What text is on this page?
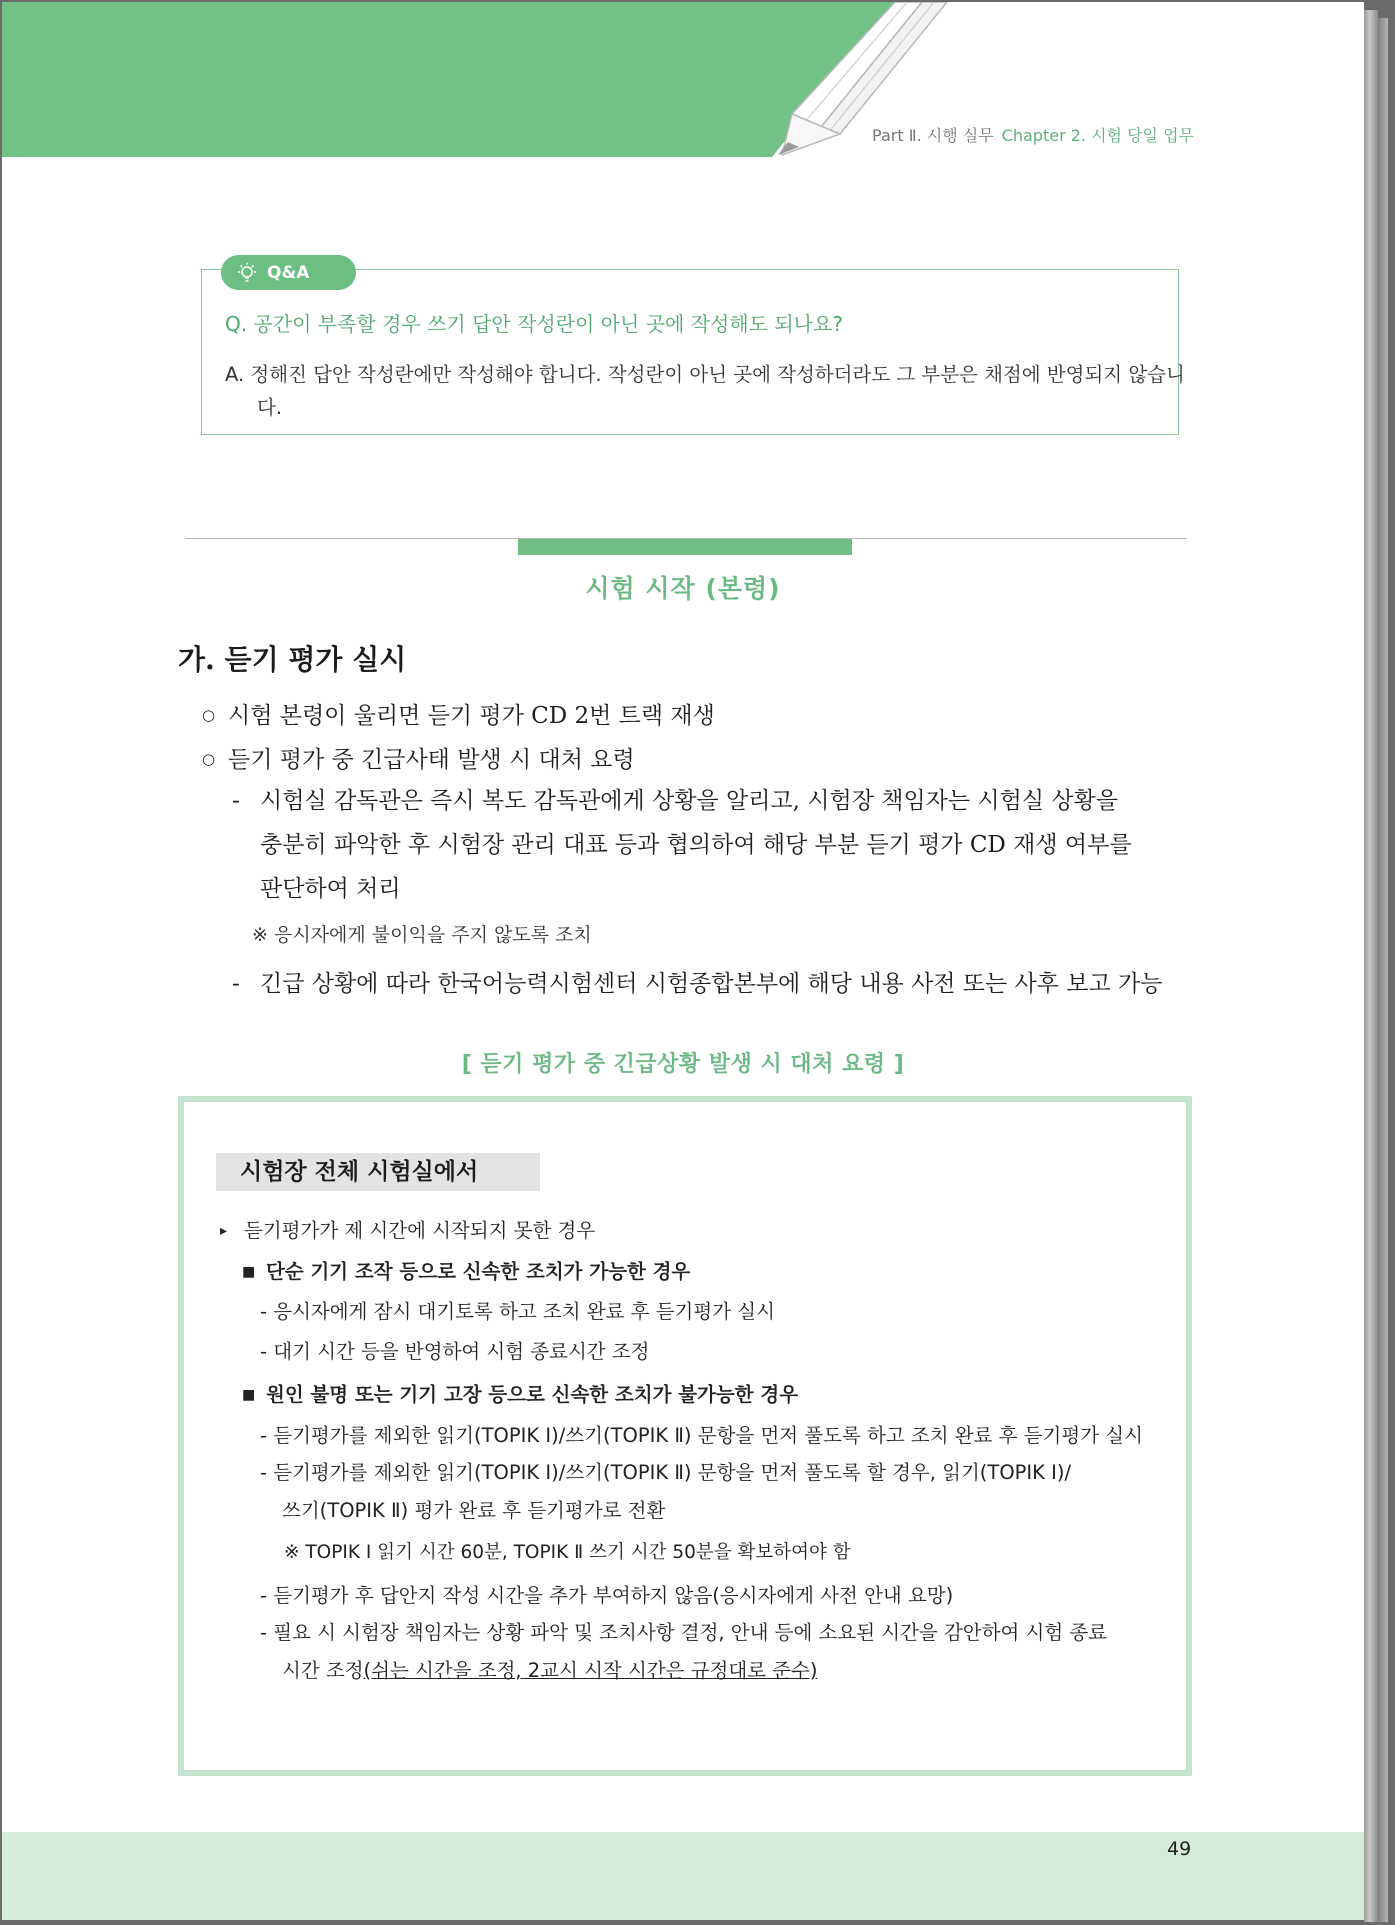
Part Ⅱ. 시행 실무 Chapter 2. 시험 당일 업무
Q&A
Q. 공간이 부족할 경우 쓰기 답안 작성란이 아닌 곳에 작성해도 되나요?
A. 정해진 답안 작성란에만 작성해야 합니다. 작성란이 아닌 곳에 작성하더라도 그 부분은 채점에 반영되지 않습니다.
시험 시작 (본령)
가. 듣기 평가 실시
○ 시험 본령이 울리면 듣기 평가 CD 2번 트랙 재생
○ 듣기 평가 중 긴급사태 발생 시 대처 요령
- 시험실 감독관은 즉시 복도 감독관에게 상황을 알리고, 시험장 책임자는 시험실 상황을
충분히 파악한 후 시험장 관리 대표 등과 협의하여 해당 부분 듣기 평가 CD 재생 여부를
판단하여 처리
※ 응시자에게 불이익을 주지 않도록 조치
- 긴급 상황에 따라 한국어능력시험센터 시험종합본부에 해당 내용 사전 또는 사후 보고 가능
[ 듣기 평가 중 긴급상황 발생 시 대처 요령 ]
시험장 전체 시험실에서
▸ 듣기평가가 제 시간에 시작되지 못한 경우
■ 단순 기기 조작 등으로 신속한 조치가 가능한 경우
- 응시자에게 잠시 대기토록 하고 조치 완료 후 듣기평가 실시
- 대기 시간 등을 반영하여 시험 종료시간 조정
■ 원인 불명 또는 기기 고장 등으로 신속한 조치가 불가능한 경우
- 듣기평가를 제외한 읽기(TOPIK Ⅰ)/쓰기(TOPIK Ⅱ) 문항을 먼저 풀도록 하고 조치 완료 후 듣기평가 실시
- 듣기평가를 제외한 읽기(TOPIK Ⅰ)/쓰기(TOPIK Ⅱ) 문항을 먼저 풀도록 할 경우, 읽기(TOPIK Ⅰ)/
쓰기(TOPIK Ⅱ) 평가 완료 후 듣기평가로 전환
※ TOPIK Ⅰ 읽기 시간 60분, TOPIK Ⅱ 쓰기 시간 50분을 확보하여야 함
- 듣기평가 후 답안지 작성 시간을 추가 부여하지 않음(응시자에게 사전 안내 요망)
- 필요 시 시험장 책임자는 상황 파악 및 조치사항 결정, 안내 등에 소요된 시간을 감안하여 시험 종료
시간 조정(쉬는 시간을 조정, 2교시 시작 시간은 규정대로 준수)
49
